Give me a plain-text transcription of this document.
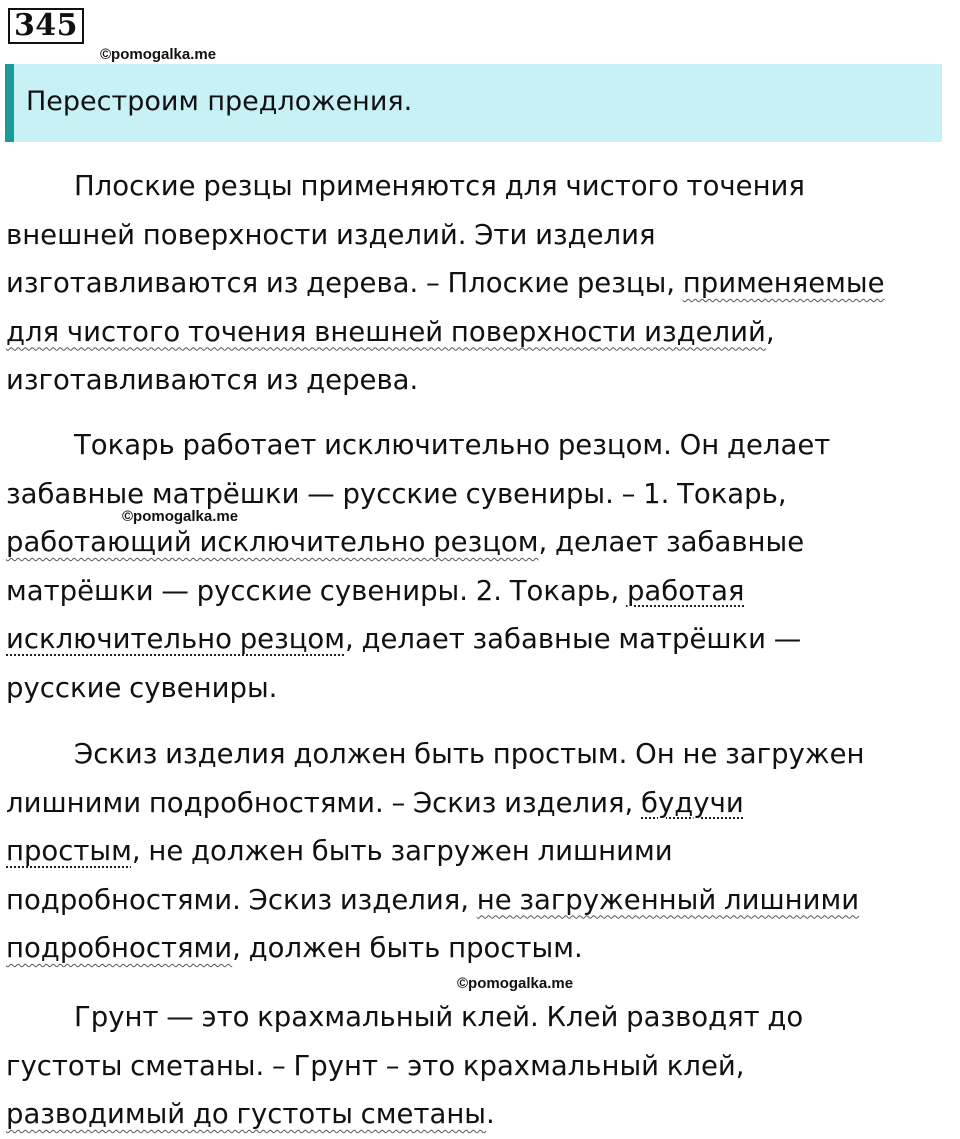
345
©pomogalka.me
Перестроим предложения.
Плоские резцы применяются для чистого точения
внешней поверхности изделий. Эти изделия
изготавливаются из дерева. – Плоские резцы, применяемые
для чистого точения внешней поверхности изделий,
изготавливаются из дерева.
Токарь работает исключительно резцом. Он делает
забавные матрёшки — русские сувениры. – 1. Токарь,
работающий исключительно резцом, делает забавные
матрёшки — русские сувениры. 2. Токарь, работая
исключительно резцом, делает забавные матрёшки —
русские сувениры.
©pomogalka.me
Эскиз изделия должен быть простым. Он не загружен
лишними подробностями. – Эскиз изделия, будучи
простым, не должен быть загружен лишними
подробностями. Эскиз изделия, не загруженный лишними
подробностями, должен быть простым.
©pomogalka.me
Грунт — это крахмальный клей. Клей разводят до
густоты сметаны. – Грунт – это крахмальный клей,
разводимый до густоты сметаны.
